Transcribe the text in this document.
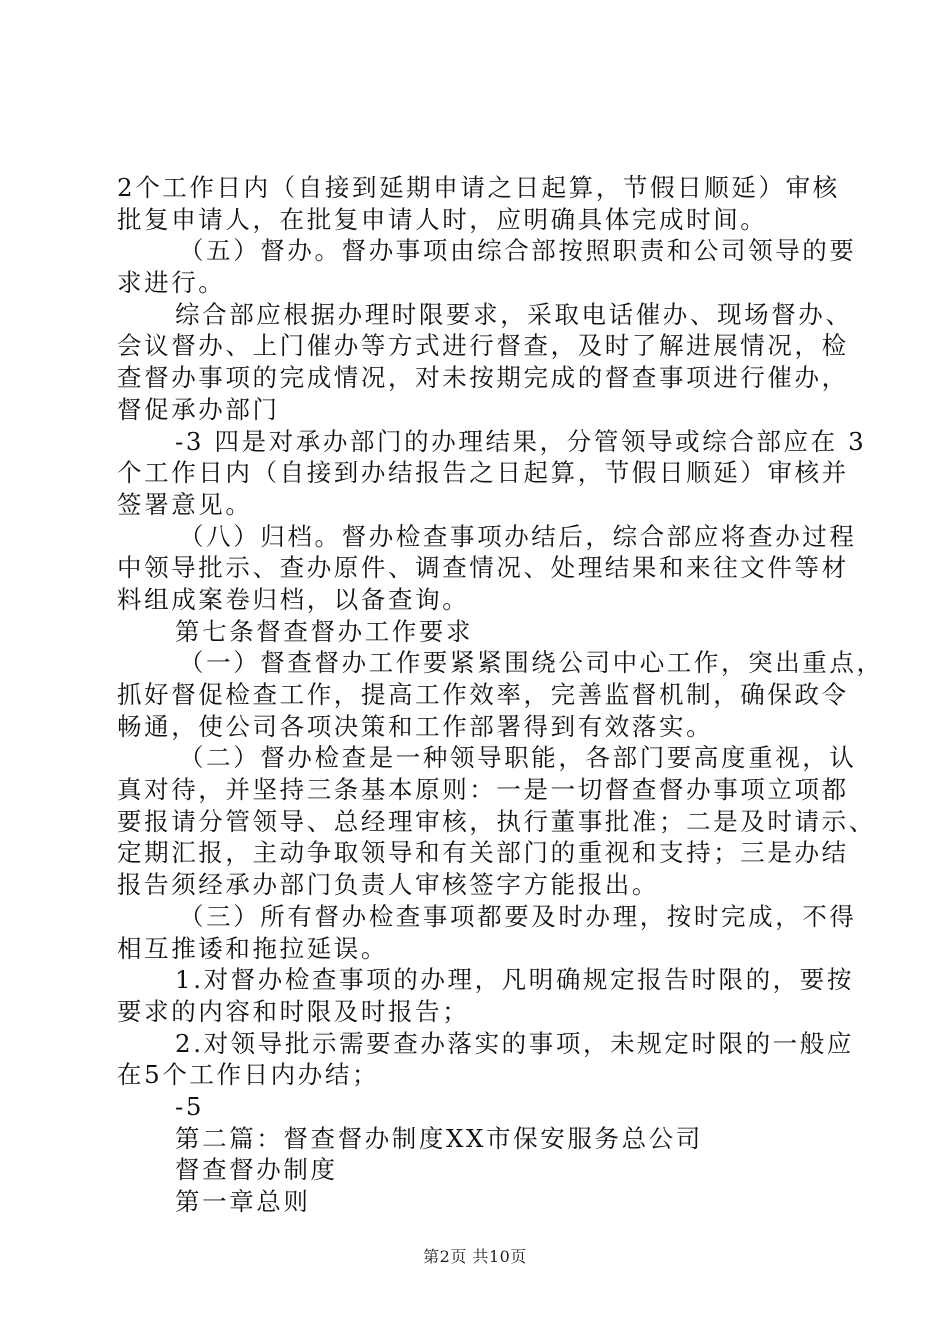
2个工作日内（自接到延期申请之日起算，节假日顺延）审核
批复申请人，在批复申请人时，应明确具体完成时间。
（五）督办。督办事项由综合部按照职责和公司领导的要
求进行。
综合部应根据办理时限要求，采取电话催办、现场督办、
会议督办、上门催办等方式进行督查，及时了解进展情况，检
查督办事项的完成情况，对未按期完成的督查事项进行催办，
督促承办部门
-3 四是对承办部门的办理结果，分管领导或综合部应在 3
个工作日内（自接到办结报告之日起算，节假日顺延）审核并
签署意见。
（八）归档。督办检查事项办结后，综合部应将查办过程
中领导批示、查办原件、调查情况、处理结果和来往文件等材
料组成案卷归档，以备查询。
第七条督查督办工作要求
（一）督查督办工作要紧紧围绕公司中心工作，突出重点，
抓好督促检查工作，提高工作效率，完善监督机制，确保政令
畅通，使公司各项决策和工作部署得到有效落实。
（二）督办检查是一种领导职能，各部门要高度重视，认
真对待，并坚持三条基本原则：一是一切督查督办事项立项都
要报请分管领导、总经理审核，执行董事批准；二是及时请示、
定期汇报，主动争取领导和有关部门的重视和支持；三是办结
报告须经承办部门负责人审核签字方能报出。
（三）所有督办检查事项都要及时办理，按时完成，不得
相互推诿和拖拉延误。
1.对督办检查事项的办理，凡明确规定报告时限的，要按
要求的内容和时限及时报告；
2.对领导批示需要查办落实的事项，未规定时限的一般应
在5个工作日内办结；
-5
第二篇：督查督办制度XX市保安服务总公司
督查督办制度
第一章总则
第2页 共10页
